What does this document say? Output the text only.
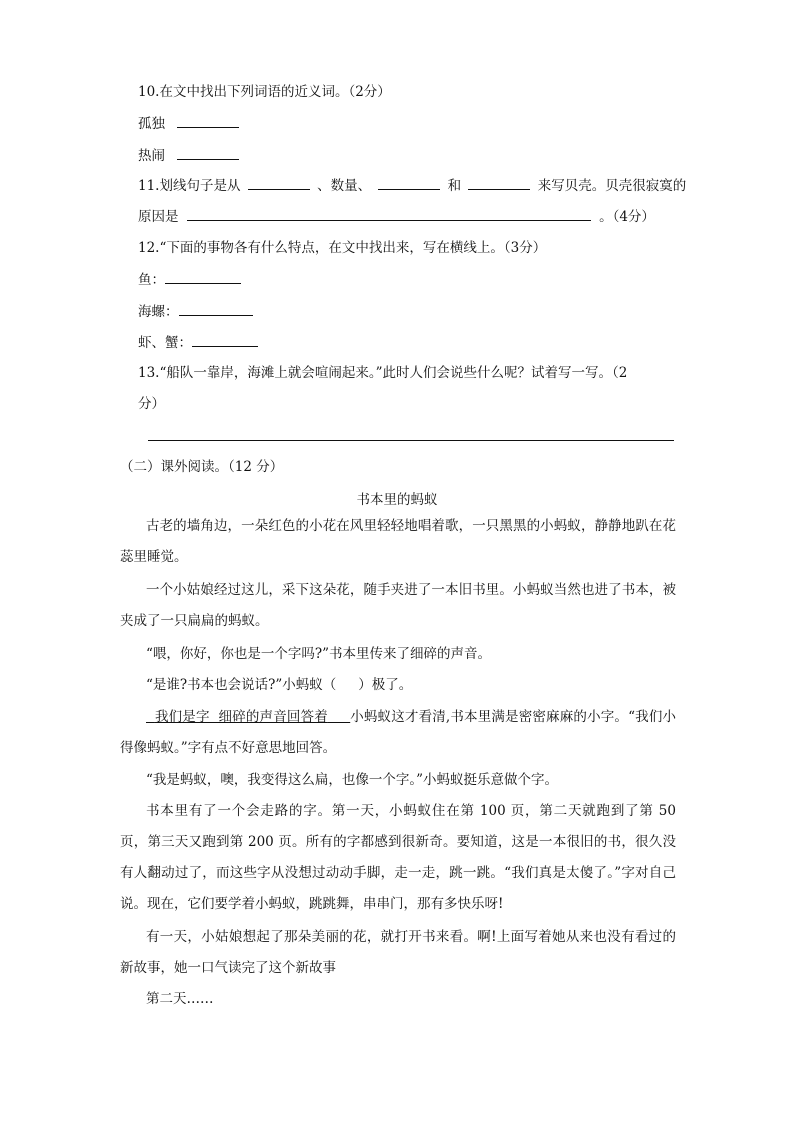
10.在文中找出下列词语的近义词。（2分）
孤独
热闹
11.划线句子是从	、数量、	和	来写贝壳。贝壳很寂寞的
原因是	。（4分）
12.“下面的事物各有什么特点，在文中找出来，写在横线上。（3分）
鱼：
海螺：
虾、蟹：
13.“船队一靠岸，海滩上就会喧闹起来。”此时人们会说些什么呢？试着写一写。（2
分）
（二）课外阅读。（12 分）
书本里的蚂蚁
古老的墙角边，一朵红色的小花在风里轻轻地唱着歌，一只黑黑的小蚂蚁，静静地趴在花蕊里睡觉。
一个小姑娘经过这儿，采下这朵花，随手夹进了一本旧书里。小蚂蚁当然也进了书本，被夹成了一只扁扁的蚂蚁。
“喂，你好，你也是一个字吗?”书本里传来了细碎的声音。
“是谁?书本也会说话?”小蚂蚁（ ）极了。
我们是字  细碎的声音回答着 小蚂蚁这才看清,书本里满是密密麻麻的小字。“我们小得像蚂蚁。”字有点不好意思地回答。
“我是蚂蚁，噢，我变得这么扁，也像一个字。”小蚂蚁挺乐意做个字。
书本里有了一个会走路的字。第一天，小蚂蚁住在第 100 页，第二天就跑到了第 50 页，第三天又跑到第 200 页。所有的字都感到很新奇。要知道，这是一本很旧的书，很久没有人翻动过了，而这些字从没想过动动手脚，走一走，跳一跳。“我们真是太傻了。”字对自己说。现在，它们要学着小蚂蚁，跳跳舞，串串门，那有多快乐呀!
有一天，小姑娘想起了那朵美丽的花，就打开书来看。啊!上面写着她从来也没有看过的新故事，她一口气读完了这个新故事
第二天……
